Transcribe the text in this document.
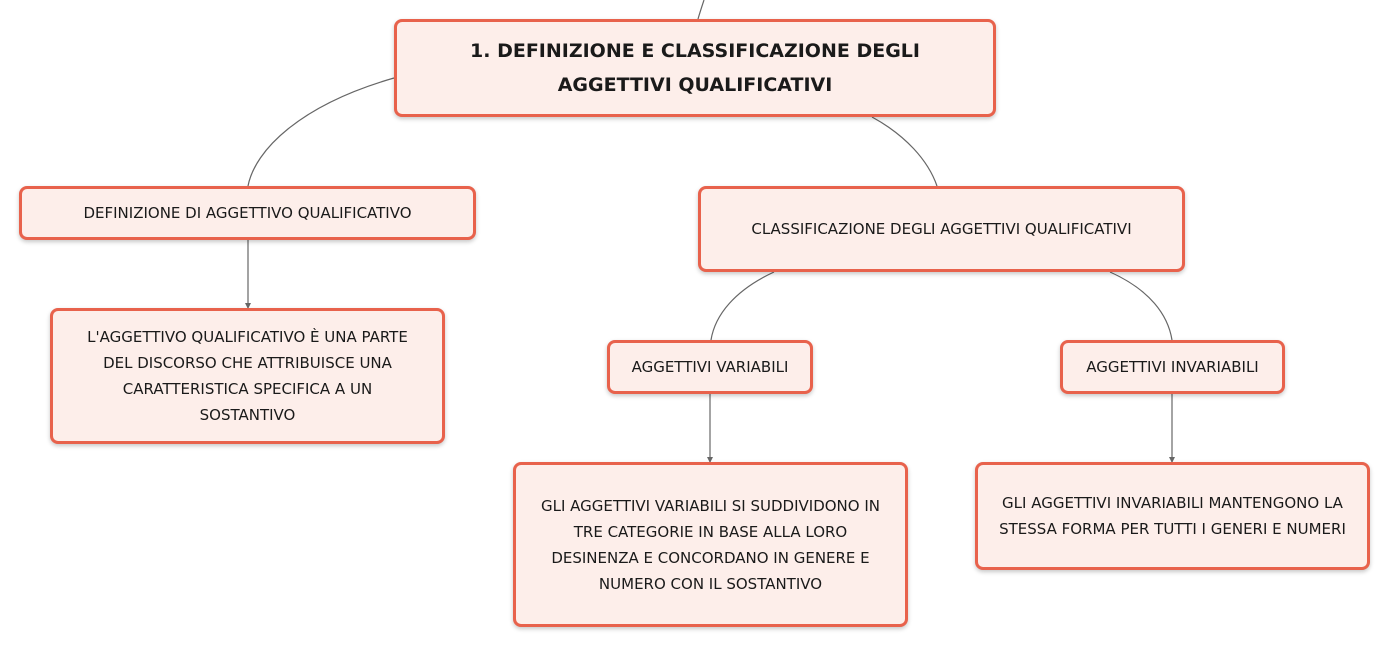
1. DEFINIZIONE E CLASSIFICAZIONE DEGLI
AGGETTIVI QUALIFICATIVI
DEFINIZIONE DI AGGETTIVO QUALIFICATIVO
L'AGGETTIVO QUALIFICATIVO È UNA PARTE
DEL DISCORSO CHE ATTRIBUISCE UNA
CARATTERISTICA SPECIFICA A UN
SOSTANTIVO
CLASSIFICAZIONE DEGLI AGGETTIVI QUALIFICATIVI
AGGETTIVI VARIABILI	AGGETTIVI INVARIABILI
GLI AGGETTIVI VARIABILI SI SUDDIVIDONO IN
TRE CATEGORIE IN BASE ALLA LORO
DESINENZA E CONCORDANO IN GENERE E
NUMERO CON IL SOSTANTIVO
GLI AGGETTIVI INVARIABILI MANTENGONO LA
STESSA FORMA PER TUTTI I GENERI E NUMERI
